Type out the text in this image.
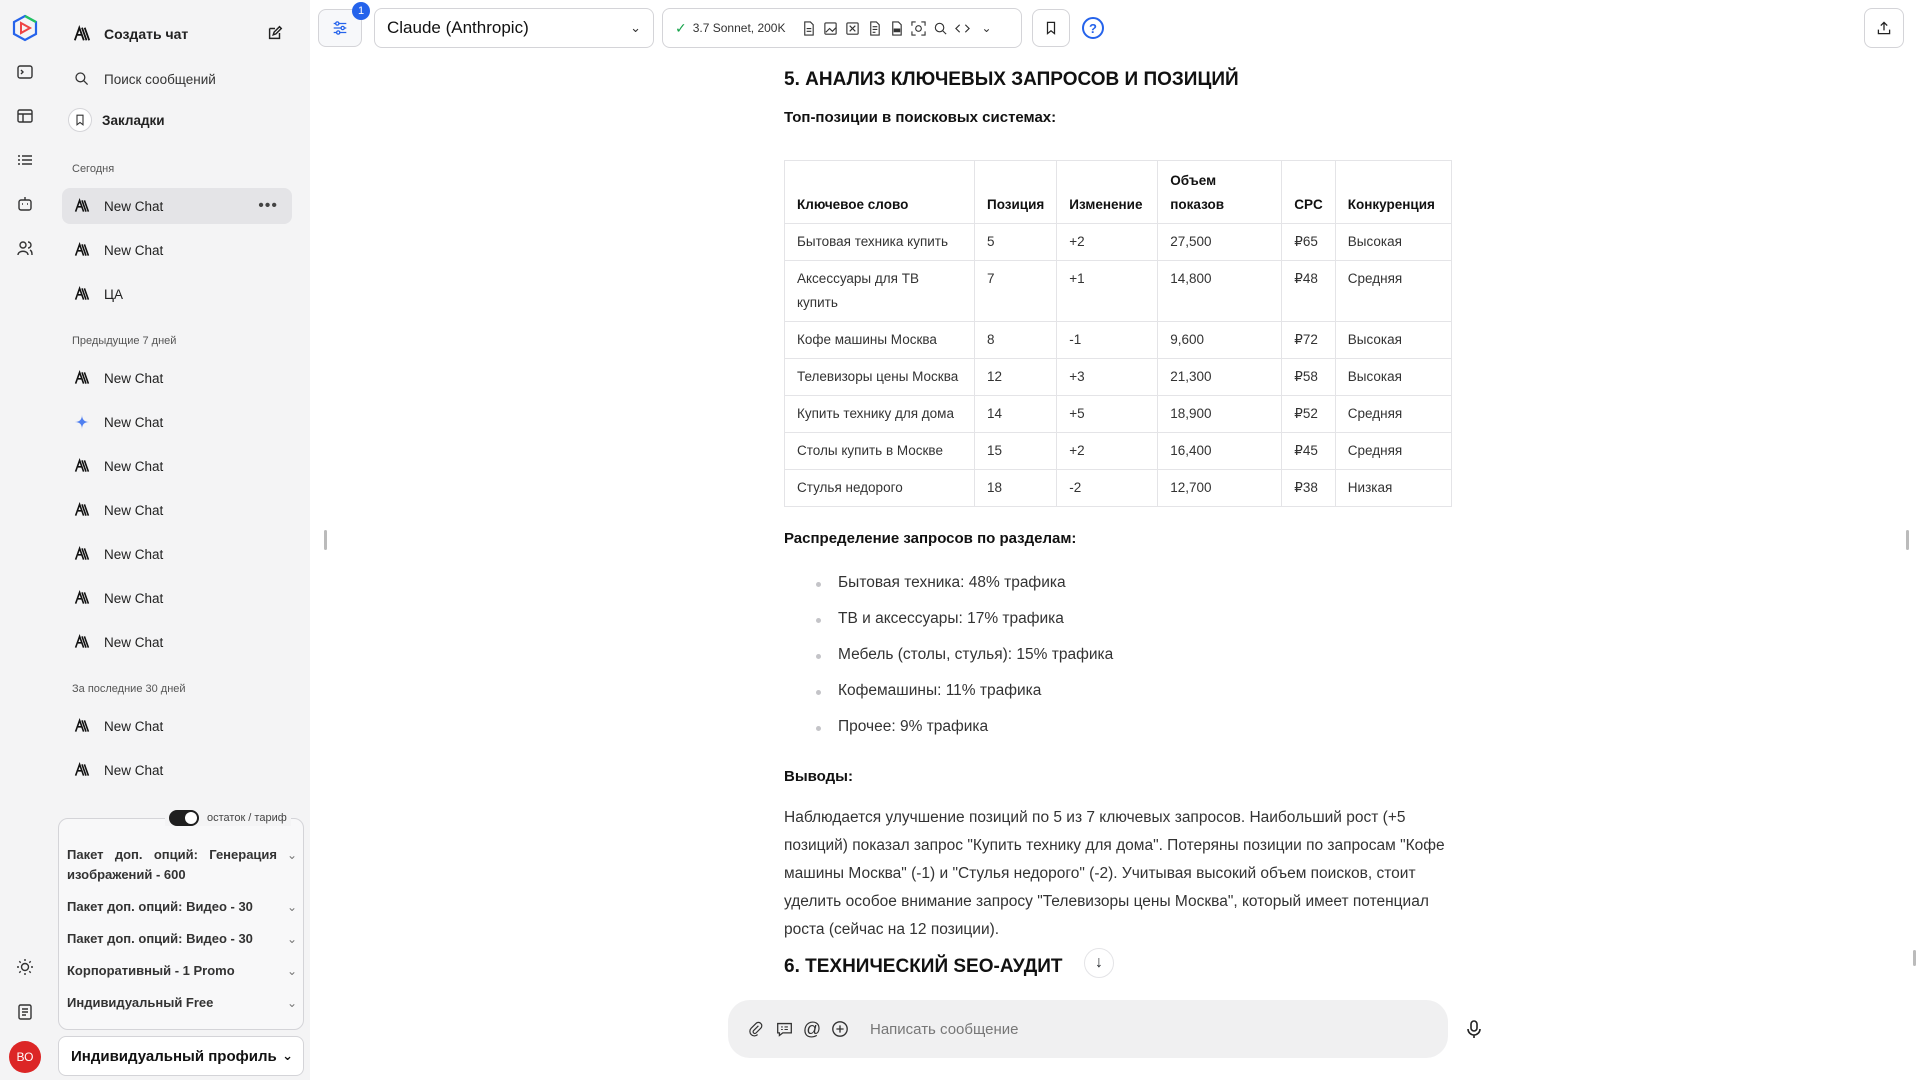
ВО
Создать чат
Поиск сообщений
Закладки
Сегодня
New Chat	•••
New Chat
ЦА
Предыдущие 7 дней
New Chat
New Chat
New Chat
New Chat
New Chat
New Chat
New Chat
За последние 30 дней
New Chat
New Chat
Пакет доп. опций: Генерация изображений - 600
⌄
Пакет доп. опций: Видео - 30	⌄
Пакет доп. опций: Видео - 30	⌄
Корпоративный - 1 Promo	⌄
Индивидуальный Free	⌄
остаток / тариф
Индивидуальный профиль ⌄
1
Claude (Anthropic)	⌄ ✓ 3.7 Sonnet, 200K	⌄	?
5. АНАЛИЗ КЛЮЧЕВЫХ ЗАПРОСОВ И ПОЗИЦИЙ
Топ-позиции в поисковых системах:
Ключевое слово	Позиция	Изменение	Объем показов	CPC	Конкуренция
Бытовая техника купить	5	+2	27,500	₽65	Высокая
Аксессуары для ТВ купить	7	+1	14,800	₽48	Средняя
Кофе машины Москва	8	-1	9,600	₽72	Высокая
Телевизоры цены Москва	12	+3	21,300	₽58	Высокая
Купить технику для дома	14	+5	18,900	₽52	Средняя
Столы купить в Москве	15	+2	16,400	₽45	Средняя
Стулья недорого	18	-2	12,700	₽38	Низкая
Распределение запросов по разделам:
Бытовая техника: 48% трафика
ТВ и аксессуары: 17% трафика
Мебель (столы, стулья): 15% трафика
Кофемашины: 11% трафика
Прочее: 9% трафика
Выводы:

Наблюдается улучшение позиций по 5 из 7 ключевых запросов. Наибольший рост (+5 позиций) показал запрос "Купить технику для дома". Потеряны позиции по запросам "Кофе машины Москва" (-1) и "Стулья недорого" (-2). Учитывая высокий объем поисков, стоит уделить особое внимание запросу "Телевизоры цены Москва", который имеет потенциал роста (сейчас на 12 позиции).

6. ТЕХНИЧЕСКИЙ SEO-АУДИТ ↓
@
Написать сообщение
